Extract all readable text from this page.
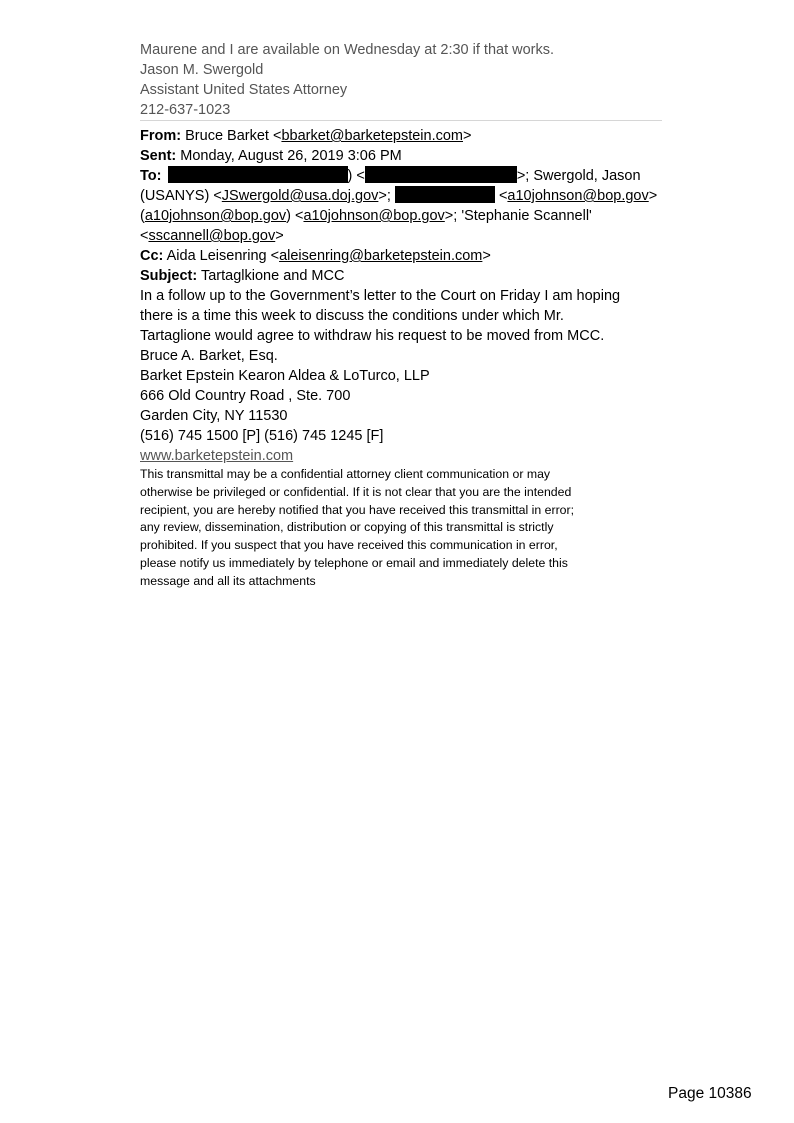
Maurene and I are available on Wednesday at 2:30 if that works.
Jason M. Swergold
Assistant United States Attorney
212-637-1023
From: Bruce Barket <bbarket@barketepstein.com>
Sent: Monday, August 26, 2019 3:06 PM
To:	) <	>; Swergold, Jason
(USANYS) <JSwergold@usa.doj.gov>;	<a10johnson@bop.gov>
(a10johnson@bop.gov) <a10johnson@bop.gov>; 'Stephanie Scannell'
<sscannell@bop.gov>
Cc: Aida Leisenring <aleisenring@barketepstein.com>
Subject: Tartaglkione and MCC
In a follow up to the Government’s letter to the Court on Friday I am hoping
there is a time this week to discuss the conditions under which Mr.
Tartaglione would agree to withdraw his request to be moved from MCC.
Bruce A. Barket, Esq.
Barket Epstein Kearon Aldea & LoTurco, LLP
666 Old Country Road , Ste. 700
Garden City, NY 11530
(516) 745 1500 [P] (516) 745 1245 [F]
www.barketepstein.com
This transmittal may be a confidential attorney client communication or may
otherwise be privileged or confidential. If it is not clear that you are the intended
recipient, you are hereby notified that you have received this transmittal in error;
any review, dissemination, distribution or copying of this transmittal is strictly
prohibited. If you suspect that you have received this communication in error,
please notify us immediately by telephone or email and immediately delete this
message and all its attachments
Page 10386
